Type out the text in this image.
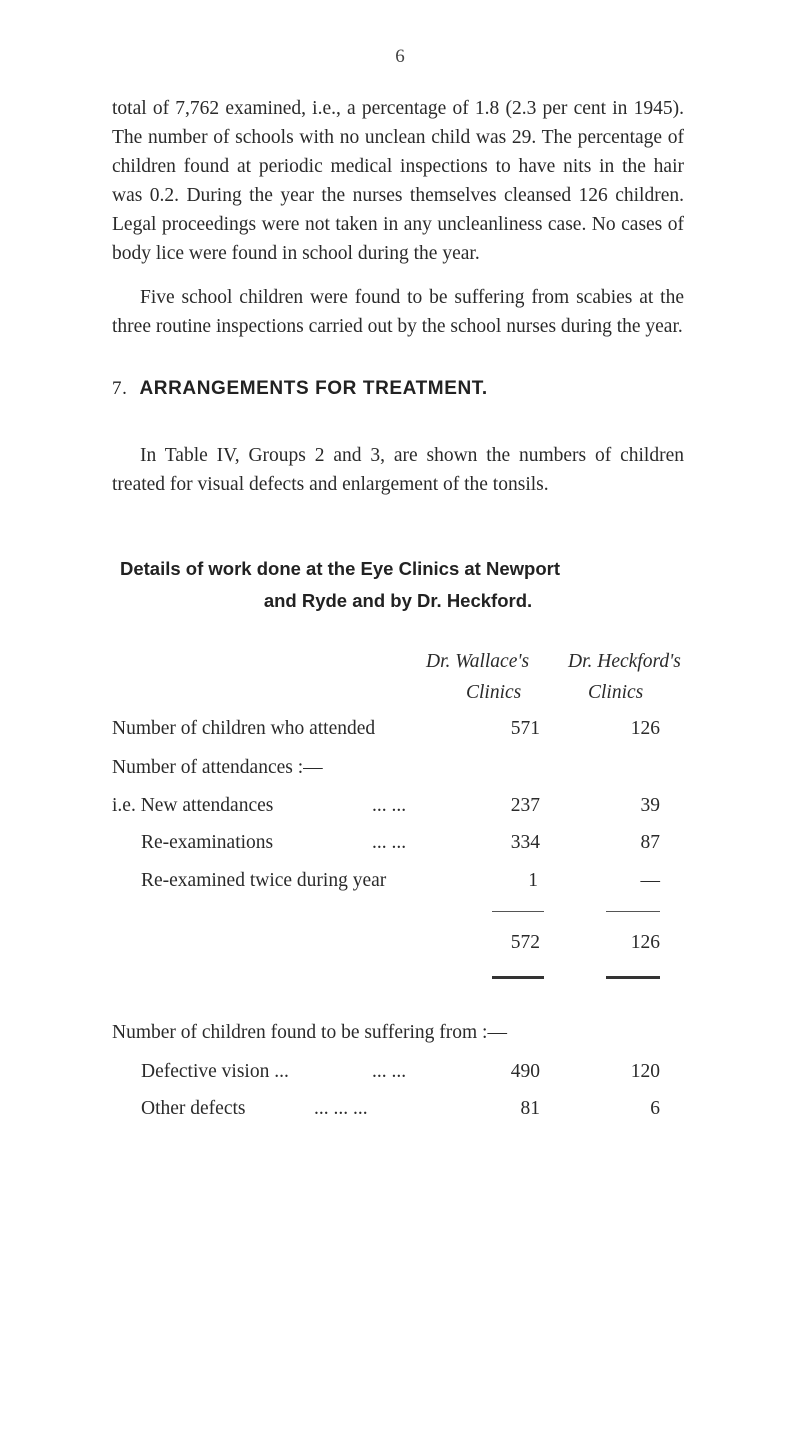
6

total of 7,762 examined, i.e., a percentage of 1.8 (2.3 per cent in 1945). The number of schools with no unclean child was 29. The percentage of children found at periodic medical inspections to have nits in the hair was 0.2. During the year the nurses themselves cleansed 126 children. Legal proceedings were not taken in any uncleanliness case. No cases of body lice were found in school during the year.

Five school children were found to be suffering from scabies at the three routine inspections carried out by the school nurses during the year.

7. ARRANGEMENTS FOR TREATMENT.

In Table IV, Groups 2 and 3, are shown the numbers of children treated for visual defects and enlargement of the tonsils.

Details of work done at the Eye Clinics at Newport
and Ryde and by Dr. Heckford.
Dr. Wallace's
Clinics
Dr. Heckford's
Clinics
Number of children who attended	571	126
Number of attendances :—
i.e. New attendances	... ...	237	39
Re-examinations	... ...	334	87
Re-examined twice during year	1	—
572	126
Number of children found to be suffering from :—
Defective vision ...	... ...	490	120
Other defects	... ... ...	81	6
